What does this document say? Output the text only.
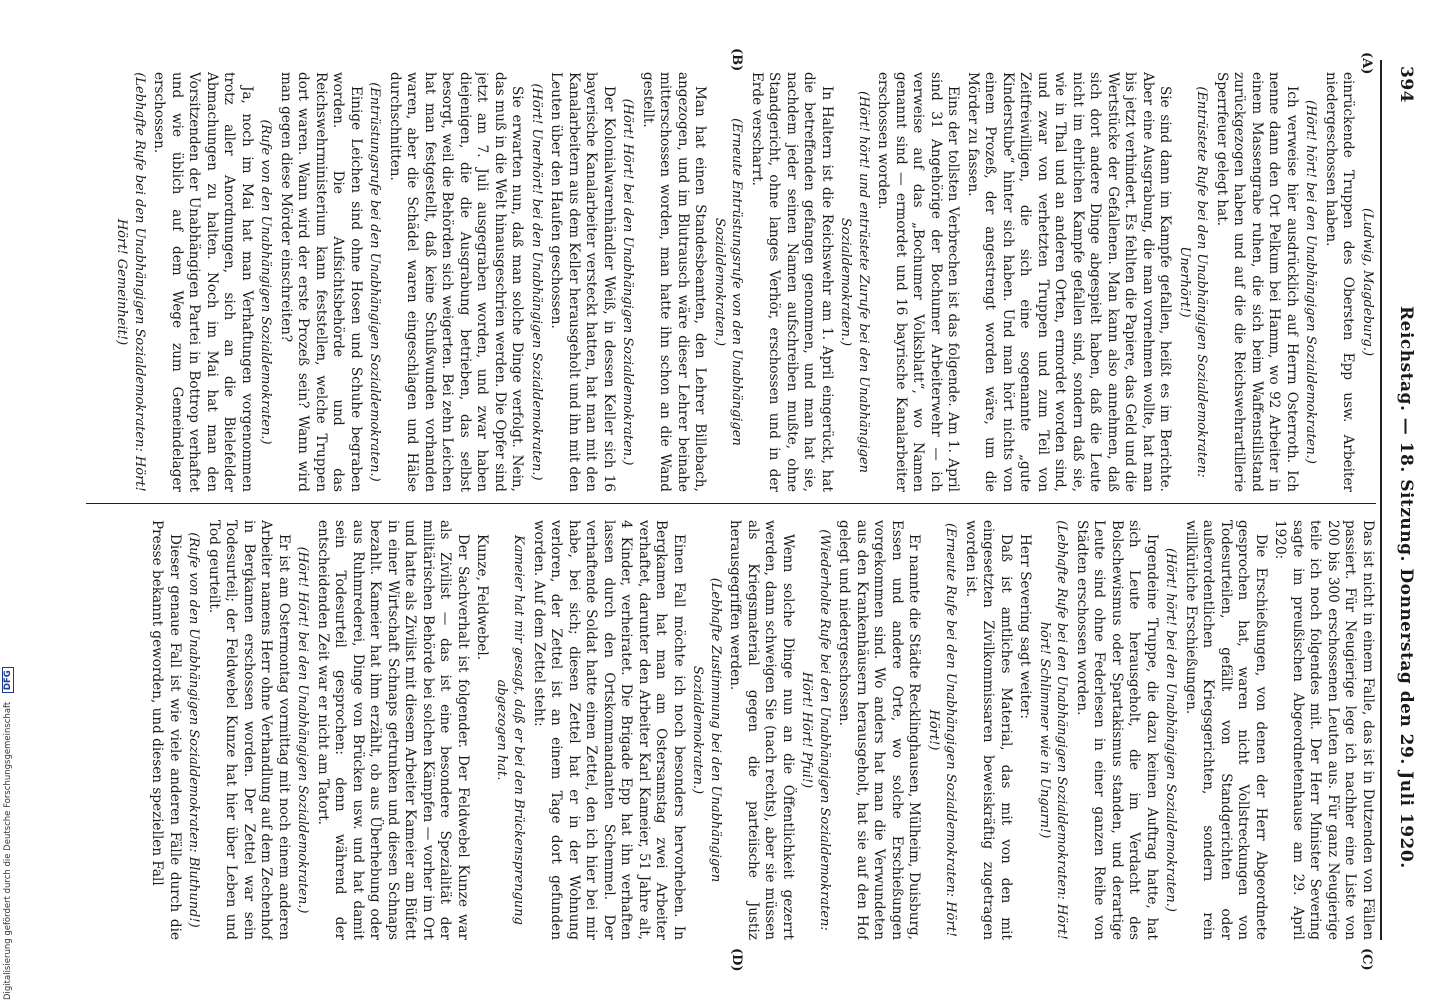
394
Reichstag. — 18. Sitzung. Donnerstag den 29. Juli 1920.
(A)
(B)
(C)
(D)

(Ludwig, Magdeburg.)

einrückende Truppen des Obersten Epp usw. Arbeiter niedergeschossen haben.

(Hört! hört! bei den Unabhängigen Sozialdemokraten.)

Ich verweise hier ausdrücklich auf Herrn Osterroth. Ich nenne dann den Ort Pelkum bei Hamm, wo 92 Arbeiter in einem Massengrabe ruhen, die sich beim Waffenstillstand zurückgezogen haben und auf die die Reichswehrartillerie Sperrfeuer gelegt hat.

(Entrüstete Rufe bei den Unabhängigen Sozialdemokraten: Unerhört!)

Sie sind dann im Kampfe gefallen, heißt es im Berichte. Aber eine Ausgrabung, die man vornehmen wollte, hat man bis jetzt verhindert. Es fehlten die Papiere, das Geld und die Wertstücke der Gefallenen. Man kann also annehmen, daß sich dort andere Dinge abgespielt haben, daß die Leute nicht im ehrlichen Kampfe gefallen sind, sondern daß sie, wie in Thal und an anderen Orten, ermordet worden sind, und zwar von verhetzten Truppen und zum Teil von Zeitfreiwilligen, die sich eine sogenannte „gute Kinderstube“ hinter sich haben. Und man hört nichts von einem Prozeß, der angestrengt worden wäre, um die Mörder zu fassen.

Eins der tollsten Verbrechen ist das folgende. Am 1. April sind 31 Angehörige der Bochumer Arbeiterwehr — ich verweise auf das „Bochumer Volksblatt“, wo Namen genannt sind — ermordet und 16 bayrische Kanalarbeiter erschossen worden.

(Hört! hört! und entrüstete Zurufe bei den Unabhängigen Sozialdemokraten.)

In Haltern ist die Reichswehr am 1. April eingerückt, hat die betreffenden gefangen genommen, und man hat sie, nachdem jeder seinen Namen aufschreiben mußte, ohne Standgericht, ohne langes Verhör, erschossen und in der Erde verscharrt.

(Erneute Entrüstungsrufe von den Unabhängigen Sozialdemokraten.)

Man hat einen Standesbeamten, den Lehrer Billebach, angezogen, und im Blutrausch wäre dieser Lehrer beinahe mitterschossen worden, man hatte ihn schon an die Wand gestellt.

(Hört! Hört! bei den Unabhängigen Sozialdemokraten.)

Der Kolonialwarenhändler Weiß, in dessen Keller sich 16 bayerische Kanalarbeiter versteckt hatten, hat man mit den Kanalarbeitern aus dem Keller herausgeholt und ihn mit den Leuten über den Haufen geschossen.

(Hört! Unerhört! bei den Unabhängigen Sozialdemokraten.)

Sie erwarten nun, daß man solche Dinge verfolgt. Nein, das muß in die Welt hinausgeschrien werden. Die Opfer sind jetzt am 7. Juli ausgegraben worden, und zwar haben diejenigen, die die Ausgrabung betrieben, das selbst besorgt, weil die Behörden sich weigerten. Bei zehn Leichen hat man festgestellt, daß keine Schußwunden vorhanden waren, aber die Schädel waren eingeschlagen und Hälse durchschnitten.

(Entrüstungsrufe bei den Unabhängigen Sozialdemokraten.)

Einige Leichen sind ohne Hosen und Schuhe begraben worden. Die Aufsichtsbehörde und das Reichswehrministerium kann feststellen, welche Truppen dort waren. Wann wird der erste Prozeß sein? Wann wird man gegen diese Mörder einschreiten?

(Rufe von den Unabhängigen Sozialdemokraten.)

Ja, noch im Mai hat man Verhaftungen vorgenommen trotz aller Anordnungen, sich an die Bielefelder Abmachungen zu halten. Noch im Mai hat man den Vorsitzenden der Unabhängigen Partei in Bottrop verhaftet und wie üblich auf dem Wege zum Gemeindelager erschossen.

(Lebhafte Rufe bei den Unabhängigen Sozialdemokraten: Hört! Hört! Gemeinheit!)

Das ist nicht in einem Falle, das ist in Dutzenden von Fällen passiert. Für Neugierige lege ich nachher eine Liste von 200 bis 300 erschossenen Leuten aus. Für ganz Neugierige teile ich noch folgendes mit. Der Herr Minister Severing sagte im preußischen Abgeordnetenhause am 29. April 1920:

Die Erschießungen, von denen der Herr Abgeordnete gesprochen hat, waren nicht Vollstreckungen von Todesurteilen, gefällt von Standgerichten oder außerordentlichen Kriegsgerichten, sondern rein willkürliche Erschießungen.

(Hört! hört! bei den Unabhängigen Sozialdemokraten.)

Irgendeine Truppe, die dazu keinen Auftrag hatte, hat sich Leute herausgeholt, die im Verdacht des Bolschewismus oder Spartakismus standen, und derartige Leute sind ohne Federlesen in einer ganzen Reihe von Städten erschossen worden.

(Lebhafte Rufe bei den Unabhängigen Sozialdemokraten: Hört! hört! Schlimmer wie in Ungarn!)

Herr Severing sagt weiter:

Daß ist amtliches Material, das mit von den mit eingesetzten Zivilkommissaren beweiskräftig zugetragen worden ist.

(Erneute Rufe bei den Unabhängigen Sozialdemokraten: Hört! Hört!)

Er nannte die Städte Recklinghausen, Mülheim, Duisburg, Essen und andere Orte, wo solche Erschießungen vorgekommen sind. Wo anders hat man die Verwundeten aus den Krankenhäusern herausgeholt, hat sie auf den Hof gelegt und niedergeschossen.

(Wiederholte Rufe bei den Unabhängigen Sozialdemokraten: Hört! Hört! Pfui!)

Wenn solche Dinge nun an die Öffentlichkeit gezerrt werden, dann schweigen Sie (nach rechts), aber sie müssen als Kriegsmaterial gegen die parteiische Justiz herausgegriffen werden.

(Lebhafte Zustimmung bei den Unabhängigen Sozialdemokraten.)

Einen Fall möchte ich noch besonders hervorheben. In Bergkamen hat man am Ostersamstag zwei Arbeiter verhaftet, darunter den Arbeiter Karl Kameier, 51 Jahre alt, 4 Kinder, verheiratet. Die Brigade Epp hat ihn verhaften lassen durch den Ortskommandanten Schemmel. Der verhaftende Soldat hatte einen Zettel, den ich hier bei mir habe, bei sich; diesen Zettel hat er in der Wohnung verloren, der Zettel ist an einem Tage dort gefunden worden. Auf dem Zettel steht:

Kameier hat mir gesagt, daß er bei den Brückensprengung abgezogen hat.

Kunze, Feldwebel.

Der Sachverhalt ist folgender. Der Feldwebel Kunze war als Zivilist — das ist eine besondere Spezialität der militärischen Behörde bei solchen Kämpfen — vorher im Ort und hatte als Zivilist mit diesem Arbeiter Kameier am Büfett in einer Wirtschaft Schnaps getrunken und diesen Schnaps bezahlt. Kameier hat ihm erzählt, ob aus Überhebung oder aus Ruhmrederei, Dinge von Brücken usw. und hat damit sein Todesurteil gesprochen: denn während der entscheidenden Zeit war er nicht am Tatort.

(Hört! Hört! bei den Unabhängigen Sozialdemokraten.)

Er ist am Ostermontag vormittag mit noch einem anderen Arbeiter namens Herr ohne Verhandlung auf dem Zechenhof in Bergkamen erschossen worden. Der Zettel war sein Todesurteil; der Feldwebel Kunze hat hier über Leben und Tod geurteilt.

(Rufe von den Unabhängigen Sozialdemokraten: Bluthund!)

Dieser genaue Fall ist wie viele anderen Fälle durch die Presse bekannt geworden, und diesen speziellen Fall

Digitalisierung gefördert durch die Deutsche Forschungsgemeinschaft DFG
